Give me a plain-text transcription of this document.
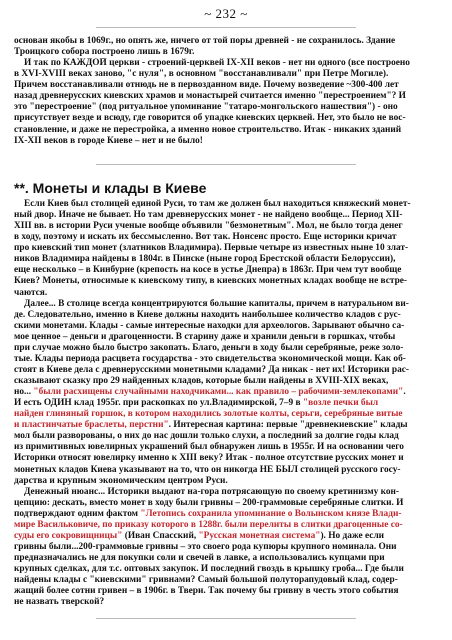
~ 232 ~
основан якобы в 1069г., но опять же, ничего от той поры древней - не сохранилось. Здание
Троицкого собора построено лишь в 1679г.
И так по КАЖДОЙ церкви - строений-церквей IX-XII веков - нет ни одного (все построено
в XVI-XVIII веках заново, "с нуля", в основном "восстанавливали" при Петре Могиле).
Причем восстанавливали отнюдь не в первозданном виде. Почему возведение ~300-400 лет
назад древнерусских киевских храмов и монастырей считается именно "перестроением"? И
это "перестроение" (под ритуальное упоминание "татаро-монгольского нашествия") - оно
присутствует везде и всюду, где говорится об упадке киевских церквей. Нет, это было не вос-
становление, и даже не перестройка, а именно новое строительство. Итак - никаких зданий
IX-XII веков в городе Киеве – нет и не было!
**. Монеты и клады в Киеве
Если Киев был столицей единой Руси, то там же должен был находиться княжеский монет-
ный двор. Иначе не бывает. Но там древнерусских монет - не найдено вообще... Период XII-
XIII вв. в истории Руси ученые вообще объявили "безмонетным". Мол, не было тогда денег
в ходу, поэтому и искать их бессмысленно. Вот так. Нонсенс просто. Еще историки кричат
про киевский тип монет (златников Владимира). Первые четыре из известных ныне 10 злат-
ников Владимира найдены в 1804г. в Пинске (ныне город Брестской области Белоруссии),
еще несколько – в Кинбурне (крепость на косе в устье Днепра) в 1863г. При чем тут вообще
Киев? Монеты, относимые к киевскому типу, в киевских монетных кладах вообще не встре-
чаются.
Далее... В столице всегда концентрируются большие капиталы, причем в натуральном ви-
де. Следовательно, именно в Киеве должны находить наибольшее количество кладов с рус-
скими монетами. Клады - самые интересные находки для археологов. Зарывают обычно са-
мое ценное – деньги и драгоценности. В старину даже и хранили деньги в горшках, чтобы
при случае можно было быстро закопать. Благо, деньги в ходу были серебряные, реже золо-
тые. Клады периода расцвета государства - это свидетельства экономической мощи. Как об-
стоят в Киеве дела с древнерусскими монетными кладами? Да никак - нет их! Историки рас-
сказывают сказку про 29 найденных кладов, которые были найдены в XVIII-XIX веках,
но... "были расхищены случайными находчиками... как правило – рабочими-землекопами".
И есть ОДИН клад 1955г. при раскопках по ул.Владимирской, 7–9 в "возле печки был
найден глиняный горшок, в котором находились золотые колты, серьги, серебряные витые
и пластинчатые браслеты, перстни". Интересная картина: первые "древнекиевские" клады
мол были разворованы, о них до нас дошли только слухи, а последний за долгие годы клад
из примитивных ювелирных украшений был обнаружен лишь в 1955г. И на основании чего
Историки относят ювелирку именно к XIII веку? Итак - полное отсутствие русских монет и
монетных кладов Киева указывают на то, что он никогда НЕ БЫЛ столицей русского госу-
дарства и крупным экономическим центром Руси.
Денежный нюанс... Историки выдают на-гора потрясающую по своему кретинизму кон-
цепцию: дескать, вместо монет в ходу были гривны – 200-граммовые серебряные слитки. И
подтверждают одним фактом "Летопись сохранила упоминание о Волынском князе Влади-
мире Васильковиче, по приказу которого в 1288г. были перелиты в слитки драгоценные со-
суды его сокровищницы" (Иван Спасский, "Русская монетная система"). Но даже если
гривны были...200-граммовые гривны – это своего рода купюры крупного номинала. Они
предназначались не для покупки соли и свечей в лавке, а использовались купцами при
крупных сделках, для т.с. оптовых закупок. И последний гвоздь в крышку гроба... Где были
найдены клады с "киевскими" гривнами? Самый большой полуторапудовый клад, содер-
жащий более сотни гривен – в 1906г. в Твери. Так почему бы гривну в честь этого события
не назвать тверской?
